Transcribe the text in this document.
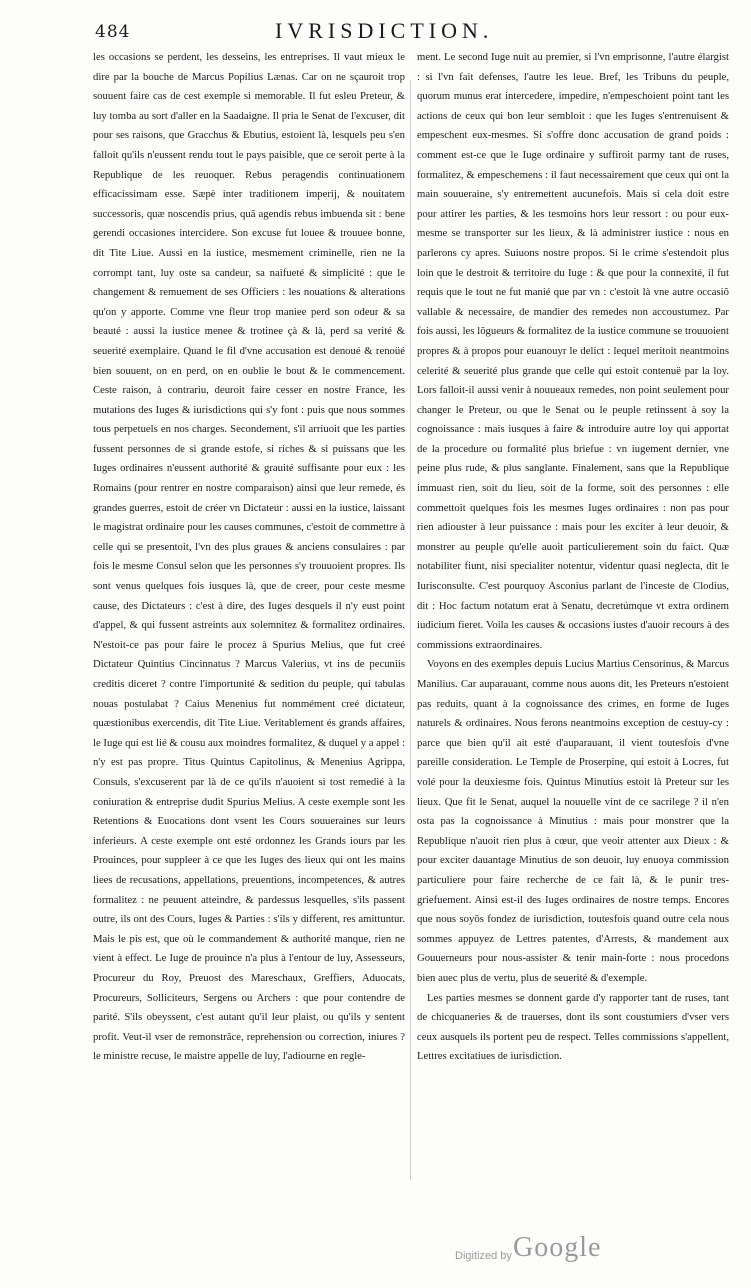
484	IVRISDICTION.

les occasions se perdent, les desseins, les entreprises. Il vaut mieux le dire par la bouche de Marcus Popilius Lænas. Car on ne sçauroit trop souuent faire cas de cest exemple si memorable. Il fut esleu Preteur, & luy tomba au sort d'aller en la Saadaigne. Il pria le Senat de l'excuser, dit pour ses raisons, que Gracchus & Ebutius, estoient là, lesquels peu s'en falloit qu'ils n'eussent rendu tout le pays paisible, que ce seroit perte à la Republique de les reuoquer. Rebus peragendis continuationem efficacissimam esse. Sæpè inter traditionem imperij, & nouitatem successoris, quæ noscendis prius, quã agendis rebus imbuenda sit : bene gerendi occasiones intercidere. Son excuse fut louee & trouuee bonne, dit Tite Liue. Aussi en la iustice, mesmement criminelle, rien ne la corrompt tant, luy oste sa candeur, sa naifueté & simplicité : que le changement & remuement de ses Officiers : les nouations & alterations qu'on y apporte. Comme vne fleur trop maniee perd son odeur & sa beauté : aussi la iustice menee & trotinee çà & là, perd sa verité & seuerité exemplaire. Quand le fil d'vne accusation est denoué & renoüé bien souuent, on en perd, on en oublie le bout & le commencement. Ceste raison, à contrariu, deuroit faire cesser en nostre France, les mutations des Iuges & iurisdictions qui s'y font : puis que nous sommes tous perpetuels en nos charges. Secondement, s'il arriuoit que les parties fussent personnes de si grande estofe, si riches & si puissans que les Iuges ordinaires n'eussent authorité & grauité suffisante pour eux : les Romains (pour rentrer en nostre comparaison) ainsi que leur remede, és grandes guerres, estoit de créer vn Dictateur : aussi en la iustice, laissant le magistrat ordinaire pour les causes communes, c'estoit de commettre à celle qui se presentoit, l'vn des plus graues & anciens consulaires : par fois le mesme Consul selon que les personnes s'y trouuoient propres. Ils sont venus quelques fois iusques là, que de creer, pour ceste mesme cause, des Dictateurs : c'est à dire, des Iuges desquels il n'y eust point d'appel, & qui fussent astreints aux solemnitez & formalitez ordinaires. N'estoit-ce pas pour faire le procez à Spurius Melius, que fut creé Dictateur Quintius Cincinnatus ? Marcus Valerius, vt ins de pecuniis creditis diceret ? contre l'importunité & sedition du peuple, qui tabulas nouas postulabat ? Caius Menenius fut nommément creé dictateur, quæstionibus exercendis, dit Tite Liue. Veritablement és grands affaires, le Iuge qui est lié & cousu aux moindres formalitez, & duquel y a appel : n'y est pas propre. Titus Quintus Capitolinus, & Menenius Agrippa, Consuls, s'excuserent par là de ce qu'ils n'auoient si tost remedié à la coniuration & entreprise dudit Spurius Melius. A ceste exemple sont les Retentions & Euocations dont vsent les Cours souueraines sur leurs inferieurs. A ceste exemple ont esté ordonnez les Grands iours par les Prouinces, pour suppleer à ce que les Iuges des lieux qui ont les mains liees de recusations, appellations, preuentions, incompetences, & autres formalitez : ne peuuent atteindre, & pardessus lesquelles, s'ils passent outre, ils ont des Cours, Iuges & Parties : s'ils y different, res amittuntur. Mais le pis est, que où le commandement & authorité manque, rien ne vient à effect. Le Iuge de prouince n'a plus à l'entour de luy, Assesseurs, Procureur du Roy, Preuost des Mareschaux, Greffiers, Aduocats, Procureurs, Solliciteurs, Sergens ou Archers : que pour contendre de parité. S'ils obeyssent, c'est autant qu'il leur plaist, ou qu'ils y sentent profit. Veut-il vser de remonstrãce, reprehension ou correction, iniures ? le ministre recuse, le maistre appelle de luy, l'adiourne en regle-

ment. Le second Iuge nuit au premier, si l'vn emprisonne, l'autre élargist : si l'vn fait defenses, l'autre les leue. Bref, les Tribuns du peuple, quorum munus erat intercedere, impedire, n'empeschoient point tant les actions de ceux qui bon leur sembloit : que les Iuges s'entrenuisent & empeschent eux-mesmes. Si s'offre donc accusation de grand poids : comment est-ce que le Iuge ordinaire y suffiroit parmy tant de ruses, formalitez, & empeschemens : il faut necessairement que ceux qui ont la main souueraine, s'y entremettent aucunefois. Mais si cela doit estre pour attirer les parties, & les tesmoins hors leur ressort : ou pour eux-mesme se transporter sur les lieux, & là administrer iustice : nous en parlerons cy apres. Suiuons nostre propos. Si le crime s'estendoit plus loin que le destroit & territoire du Iuge : & que pour la connexité, il fut requis que le tout ne fut manié que par vn : c'estoit là vne autre occasiõ vallable & necessaire, de mandier des remedes non accoustumez. Par fois aussi, les lõgueurs & formalitez de la iustice commune se trouuoient propres & à propos pour euanouyr le delict : lequel meritoit neantmoins celerité & seuerité plus grande que celle qui estoit contenuë par la loy. Lors falloit-il aussi venir à nouueaux remedes, non point seulement pour changer le Preteur, ou que le Senat ou le peuple retinssent à soy la cognoissance : mais iusques à faire & introduire autre loy qui apportat de la procedure ou formalité plus briefue : vn iugement dernier, vne peine plus rude, & plus sanglante. Finalement, sans que la Republique immuast rien, soit du lieu, soit de la forme, soit des personnes : elle commettoit quelques fois les mesmes Iuges ordinaires : non pas pour rien adiouster à leur puissance : mais pour les exciter à leur deuoir, & monstrer au peuple qu'elle auoit particulierement soin du faict. Quæ notabiliter fiunt, nisi specialiter notentur, videntur quasi neglecta, dit le Iurisconsulte. C'est pourquoy Asconius parlant de l'inceste de Clodius, dit : Hoc factum notatum erat à Senatu, decretúmque vt extra ordinem iudicium fieret. Voila les causes & occasions iustes d'auoir recours à des commissions extraordinaires.

Voyons en des exemples depuis Lucius Martius Censorinus, & Marcus Manilius. Car auparauant, comme nous auons dit, les Preteurs n'estoient pas reduits, quant à la cognoissance des crimes, en forme de Iuges naturels & ordinaires. Nous ferons neantmoins exception de cestuy-cy : parce que bien qu'il ait esté d'auparauant, il vient toutesfois d'vne pareille consideration. Le Temple de Proserpine, qui estoit à Locres, fut volé pour la deuxiesme fois. Quintus Minutius estoit là Preteur sur les lieux. Que fit le Senat, auquel la nouuelle vint de ce sacrilege ? il n'en osta pas la cognoissance à Minutius : mais pour monstrer que la Republique n'auoit rien plus à cœur, que veoir attenter aux Dieux : & pour exciter dauantage Minutius de son deuoir, luy enuoya commission particuliere pour faire recherche de ce fait là, & le punir tres-griefuement. Ainsi est-il des Iuges ordinaires de nostre temps. Encores que nous soyõs fondez de iurisdiction, toutesfois quand outre cela nous sommes appuyez de Lettres patentes, d'Arrests, & mandement aux Gouuerneurs pour nous-assister & tenir main-forte : nous procedons bien auec plus de vertu, plus de seuerité & d'exemple.

Les parties mesmes se donnent garde d'y rapporter tant de ruses, tant de chicquaneries & de trauerses, dont ils sont coustumiers d'vser vers ceux ausquels ils portent peu de respect. Telles commissions s'appellent, Lettres excitatiues de iurisdiction.

Digitized by Google
